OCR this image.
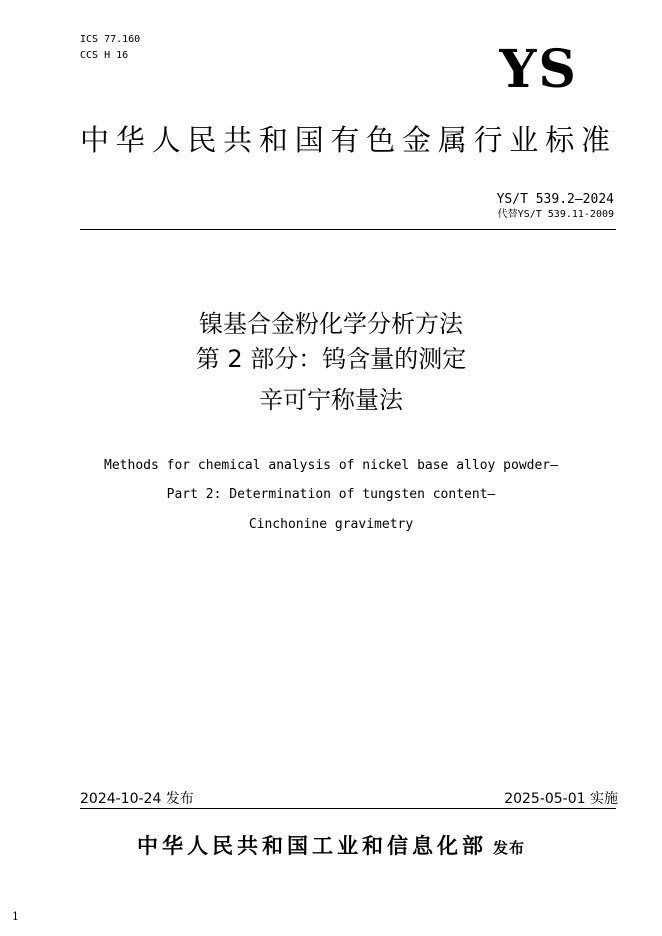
ICS 77.160
CCS H 16	YS
中华人民共和国有色金属行业标准
YS/T 539.2—2024
代替YS/T 539.11-2009
镍基合金粉化学分析方法
第 2 部分：钨含量的测定
辛可宁称量法
Methods for chemical analysis of nickel base alloy powder—
Part 2: Determination of tungsten content—
Cinchonine gravimetry
2024-10-24 发布	2025-05-01 实施
中华人民共和国工业和信息化部 发布
1
